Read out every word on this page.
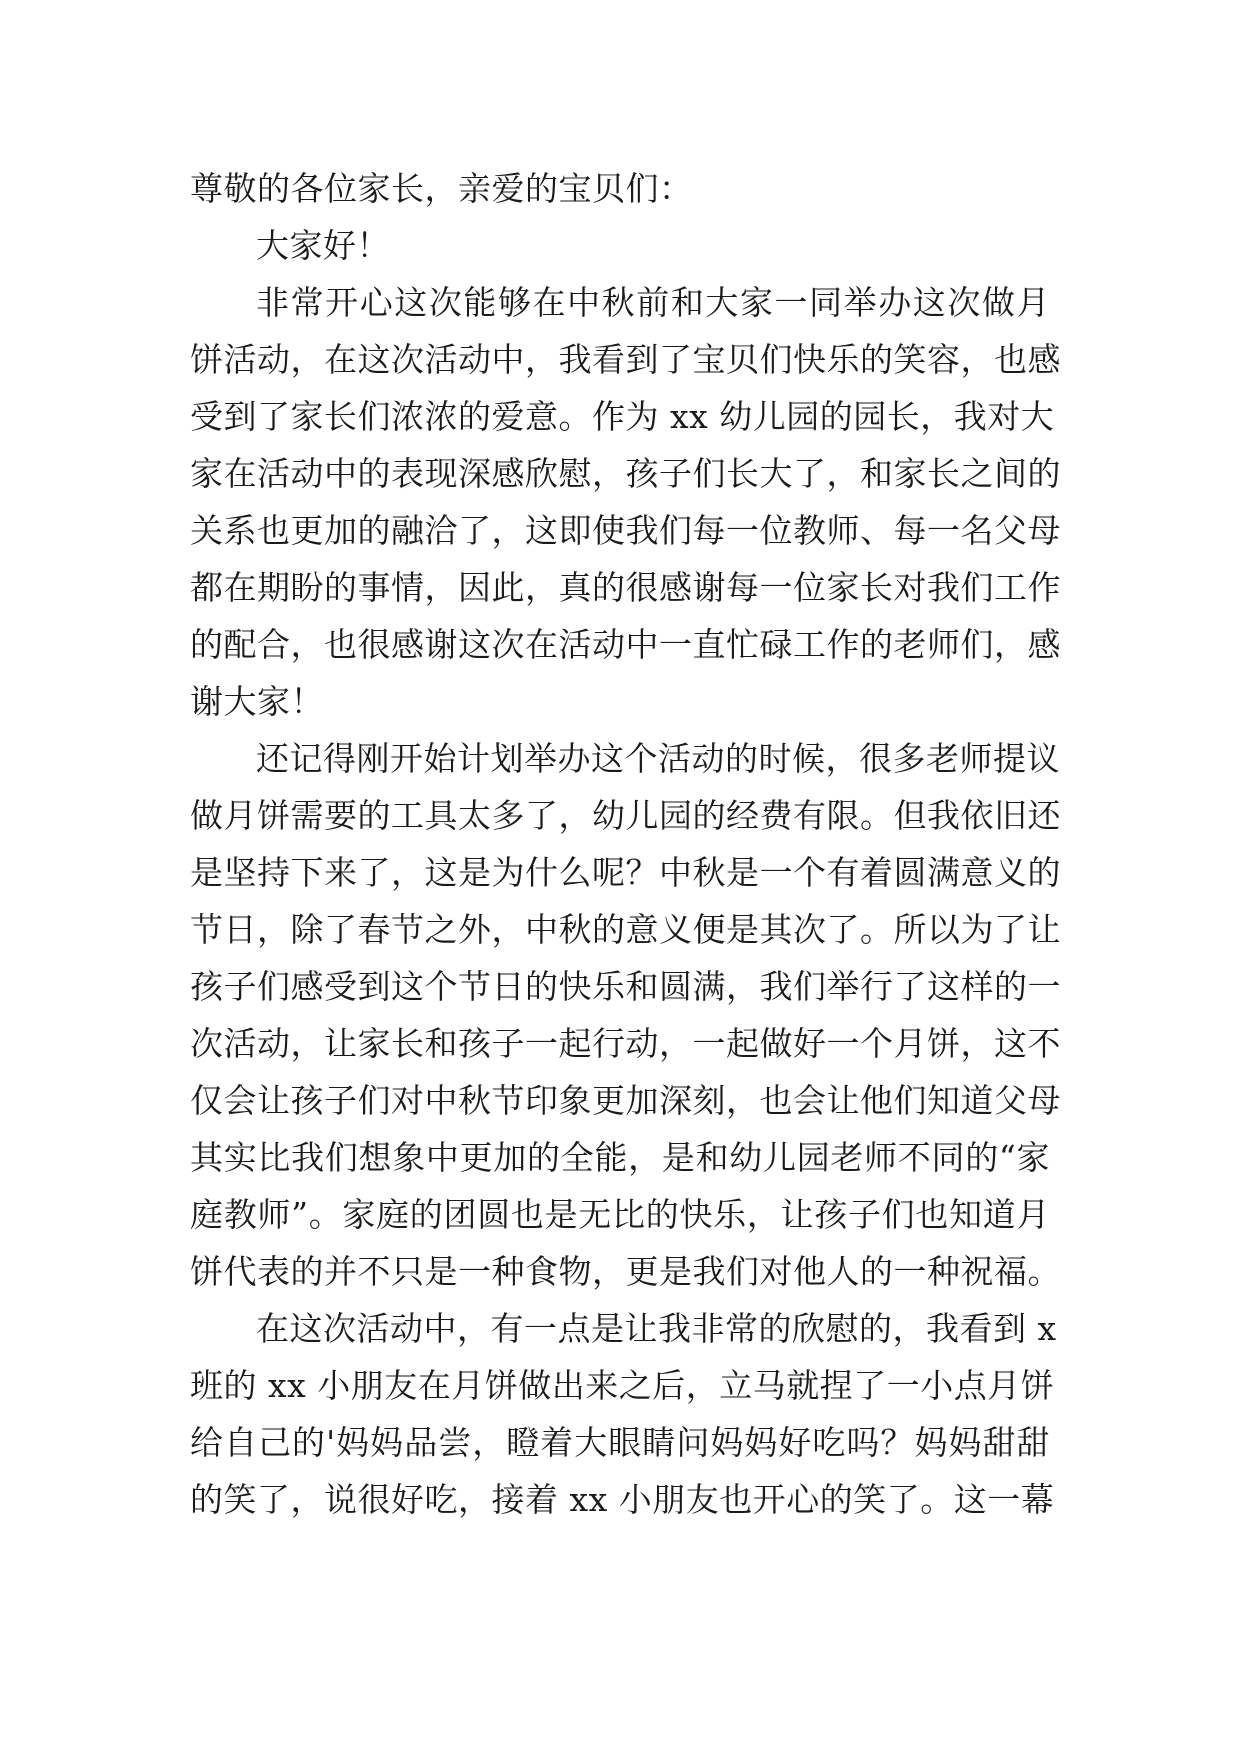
尊敬的各位家长，亲爱的宝贝们：
大家好！
非常开心这次能够在中秋前和大家一同举办这次做月
饼活动，在这次活动中，我看到了宝贝们快乐的笑容，也感
受到了家长们浓浓的爱意。作为 xx 幼儿园的园长，我对大
家在活动中的表现深感欣慰，孩子们长大了，和家长之间的
关系也更加的融洽了，这即使我们每一位教师、每一名父母
都在期盼的事情，因此，真的很感谢每一位家长对我们工作
的配合，也很感谢这次在活动中一直忙碌工作的老师们，感
谢大家！
还记得刚开始计划举办这个活动的时候，很多老师提议
做月饼需要的工具太多了，幼儿园的经费有限。但我依旧还
是坚持下来了，这是为什么呢？中秋是一个有着圆满意义的
节日，除了春节之外，中秋的意义便是其次了。所以为了让
孩子们感受到这个节日的快乐和圆满，我们举行了这样的一
次活动，让家长和孩子一起行动，一起做好一个月饼，这不
仅会让孩子们对中秋节印象更加深刻，也会让他们知道父母
其实比我们想象中更加的全能，是和幼儿园老师不同的“家
庭教师”。家庭的团圆也是无比的快乐，让孩子们也知道月
饼代表的并不只是一种食物，更是我们对他人的一种祝福。
在这次活动中，有一点是让我非常的欣慰的，我看到 x
班的 xx 小朋友在月饼做出来之后，立马就捏了一小点月饼
给自己的'妈妈品尝，瞪着大眼睛问妈妈好吃吗？妈妈甜甜
的笑了，说很好吃，接着 xx 小朋友也开心的笑了。这一幕
